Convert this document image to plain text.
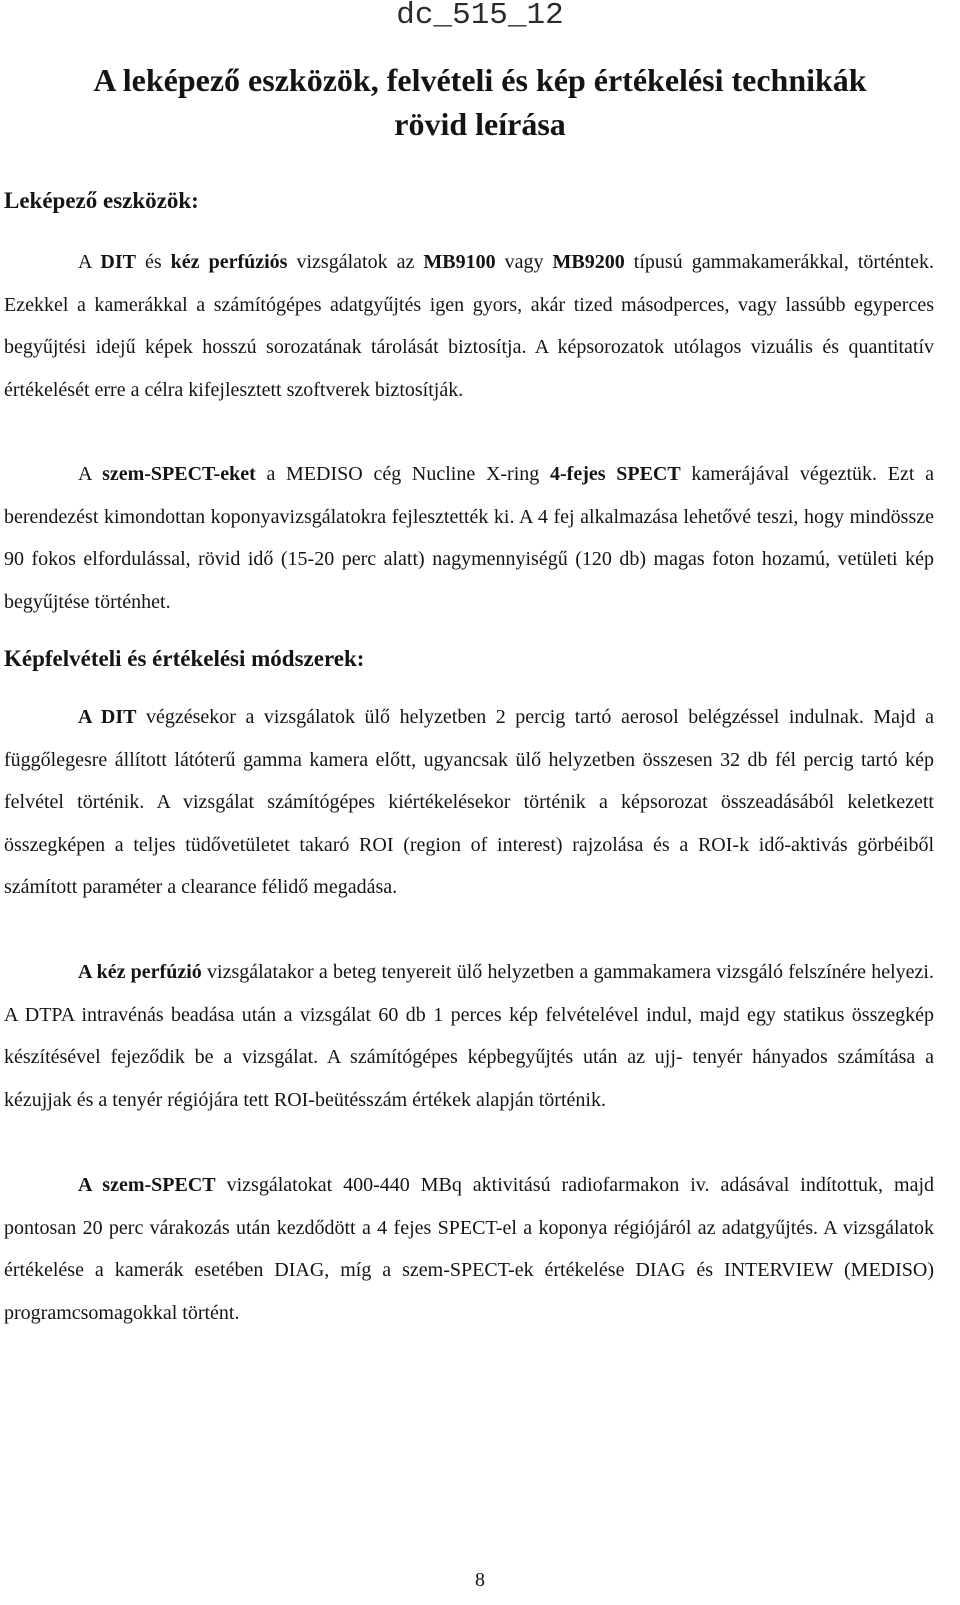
dc_515_12
A leképező eszközök, felvételi és kép értékelési technikák
rövid leírása
Leképező eszközök:

A DIT és kéz perfúziós vizsgálatok az MB9100 vagy MB9200 típusú gammakamerákkal, történtek. Ezekkel a kamerákkal a számítógépes adatgyűjtés igen gyors, akár tized másodperces, vagy lassúbb egyperces begyűjtési idejű képek hosszú sorozatának tárolását biztosítja. A képsorozatok utólagos vizuális és quantitatív értékelését erre a célra kifejlesztett szoftverek biztosítják.

A szem-SPECT-eket a MEDISO cég Nucline X-ring 4-fejes SPECT kamerájával végeztük. Ezt a berendezést kimondottan koponyavizsgálatokra fejlesztették ki. A 4 fej alkalmazása lehetővé teszi, hogy mindössze 90 fokos elfordulással, rövid idő (15-20 perc alatt) nagymennyiségű (120 db) magas foton hozamú, vetületi kép begyűjtése történhet.

Képfelvételi és értékelési módszerek:

A DIT végzésekor a vizsgálatok ülő helyzetben 2 percig tartó aerosol belégzéssel indulnak. Majd a függőlegesre állított látóterű gamma kamera előtt, ugyancsak ülő helyzetben összesen 32 db fél percig tartó kép felvétel történik. A vizsgálat számítógépes kiértékelésekor történik a képsorozat összeadásából keletkezett összegképen a teljes tüdővetületet takaró ROI (region of interest) rajzolása és a ROI-k idő-aktivás görbéiből számított paraméter a clearance félidő megadása.

A kéz perfúzió vizsgálatakor a beteg tenyereit ülő helyzetben a gammakamera vizsgáló felszínére helyezi. A DTPA intravénás beadása után a vizsgálat 60 db 1 perces kép felvételével indul, majd egy statikus összegkép készítésével fejeződik be a vizsgálat. A számítógépes képbegyűjtés után az ujj- tenyér hányados számítása a kézujjak és a tenyér régiójára tett ROI-beütésszám értékek alapján történik.

A szem-SPECT vizsgálatokat 400-440 MBq aktivitású radiofarmakon iv. adásával indítottuk, majd pontosan 20 perc várakozás után kezdődött a 4 fejes SPECT-el a koponya régiójáról az adatgyűjtés. A vizsgálatok értékelése a kamerák esetében DIAG, míg a szem-SPECT-ek értékelése DIAG és INTERVIEW (MEDISO) programcsomagokkal történt.

8
